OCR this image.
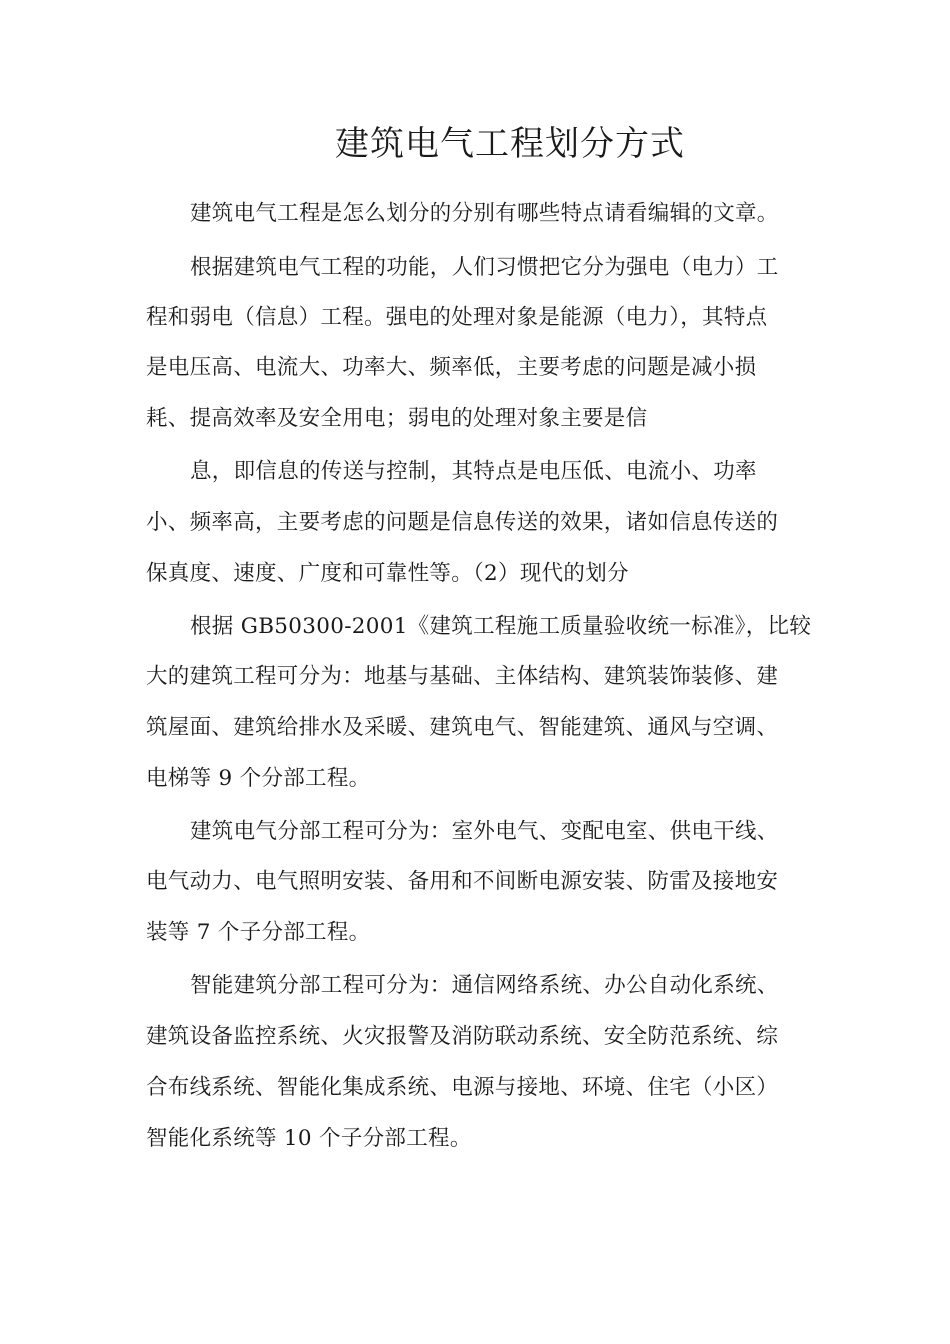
建筑电气工程划分方式
建筑电气工程是怎么划分的分别有哪些特点请看编辑的文章。
根据建筑电气工程的功能，人们习惯把它分为强电（电力）工
程和弱电（信息）工程。强电的处理对象是能源（电力），其特点
是电压高、电流大、功率大、频率低，主要考虑的问题是减小损
耗、提高效率及安全用电；弱电的处理对象主要是信
息，即信息的传送与控制，其特点是电压低、电流小、功率
小、频率高，主要考虑的问题是信息传送的效果，诸如信息传送的
保真度、速度、广度和可靠性等。（2）现代的划分
根据 GB50300-2001《建筑工程施工质量验收统一标准》，比较
大的建筑工程可分为：地基与基础、主体结构、建筑装饰装修、建
筑屋面、建筑给排水及采暖、建筑电气、智能建筑、通风与空调、
电梯等 9 个分部工程。
建筑电气分部工程可分为：室外电气、变配电室、供电干线、
电气动力、电气照明安装、备用和不间断电源安装、防雷及接地安
装等 7 个子分部工程。
智能建筑分部工程可分为：通信网络系统、办公自动化系统、
建筑设备监控系统、火灾报警及消防联动系统、安全防范系统、综
合布线系统、智能化集成系统、电源与接地、环境、住宅（小区）
智能化系统等 10 个子分部工程。
